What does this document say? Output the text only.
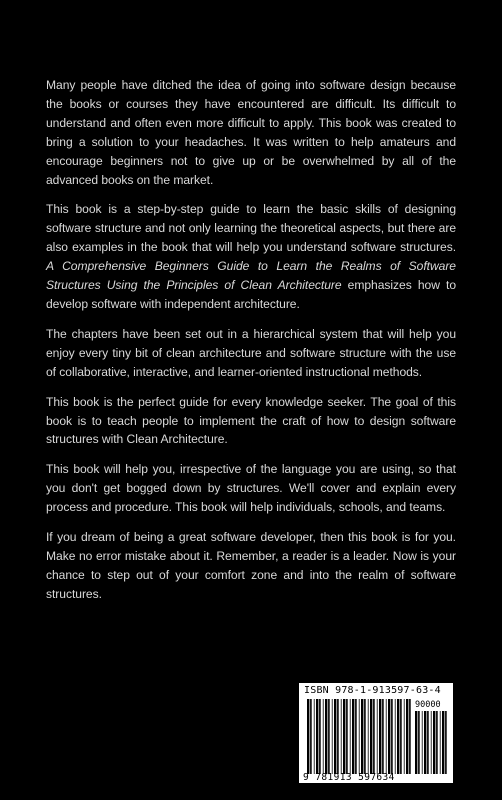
Many people have ditched the idea of going into software design because the books or courses they have encountered are difficult. Its difficult to understand and often even more difficult to apply. This book was created to bring a solution to your headaches. It was written to help amateurs and encourage beginners not to give up or be overwhelmed by all of the advanced books on the market.

This book is a step-by-step guide to learn the basic skills of designing software structure and not only learning the theoretical aspects, but there are also examples in the book that will help you understand software structures. A Comprehensive Beginners Guide to Learn the Realms of Software Structures Using the Principles of Clean Architecture emphasizes how to develop software with independent architecture.

The chapters have been set out in a hierarchical system that will help you enjoy every tiny bit of clean architecture and software structure with the use of collaborative, interactive, and learner-oriented instructional methods.

This book is the perfect guide for every knowledge seeker. The goal of this book is to teach people to implement the craft of how to design software structures with Clean Architecture.

This book will help you, irrespective of the language you are using, so that you don't get bogged down by structures. We'll cover and explain every process and procedure. This book will help individuals, schools, and teams.

If you dream of being a great software developer, then this book is for you. Make no error mistake about it. Remember, a reader is a leader. Now is your chance to step out of your comfort zone and into the realm of software structures.

ISBN 978-1-913597-63-4
90000
9 781913 597634
